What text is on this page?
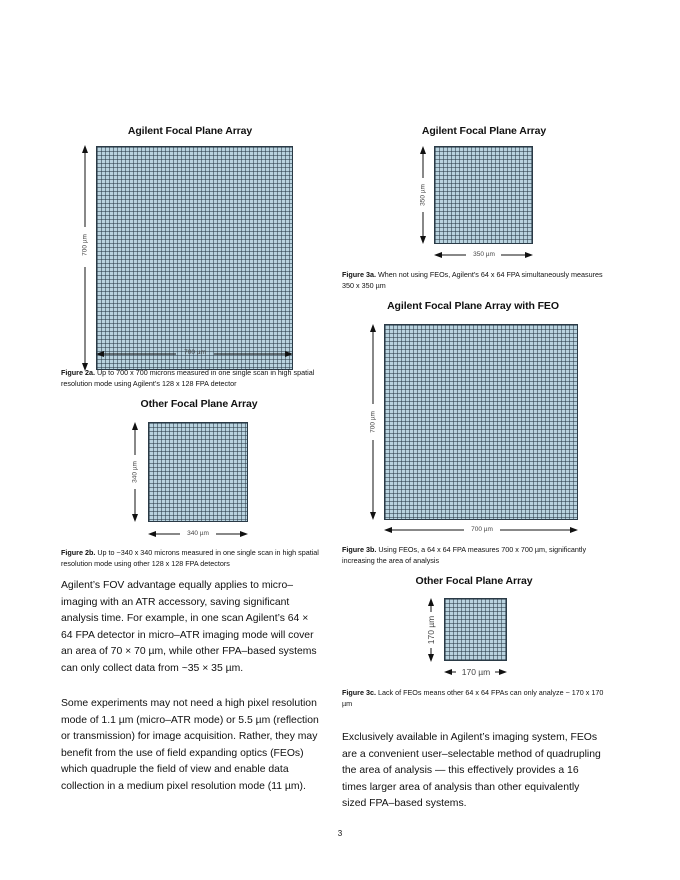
Agilent Focal Plane Array
700 µm
700 µm
Figure 2a. Up to 700 x 700 microns measured in one single scan in high spatial resolution mode using Agilent’s 128 x 128 FPA detector
Other Focal Plane Array
340 µm
340 µm
Figure 2b. Up to ~340 x 340 microns measured in one single scan in high spatial resolution mode using other 128 x 128 FPA detectors

Agilent’s FOV advantage equally applies to micro–imaging with an ATR accessory, saving significant analysis time. For example, in one scan Agilent’s 64 × 64 FPA detector in micro–ATR imaging mode will cover an area of 70 × 70 µm, while other FPA–based systems can only collect data from ~35 × 35 µm.

Some experiments may not need a high pixel resolution mode of 1.1 µm (micro–ATR mode) or 5.5 µm (reflection or transmission) for image acquisition. Rather, they may benefit from the use of field expanding optics (FEOs) which quadruple the field of view and enable data collection in a medium pixel resolution mode (11 µm).

Agilent Focal Plane Array
350 µm
350 µm
Figure 3a. When not using FEOs, Agilent’s 64 x 64 FPA simultaneously measures 350 x 350 µm
Agilent Focal Plane Array with FEO
700 µm
700 µm
Figure 3b. Using FEOs, a 64 x 64 FPA measures 700 x 700 µm, significantly increasing the area of analysis
Other Focal Plane Array
170 µm
170 µm
Figure 3c. Lack of FEOs means other 64 x 64 FPAs can only analyze ~ 170 x 170 µm

Exclusively available in Agilent’s imaging system, FEOs are a convenient user–selectable method of quadrupling the area of analysis — this effectively provides a 16 times larger area of analysis than other equivalently sized FPA–based systems.

3
